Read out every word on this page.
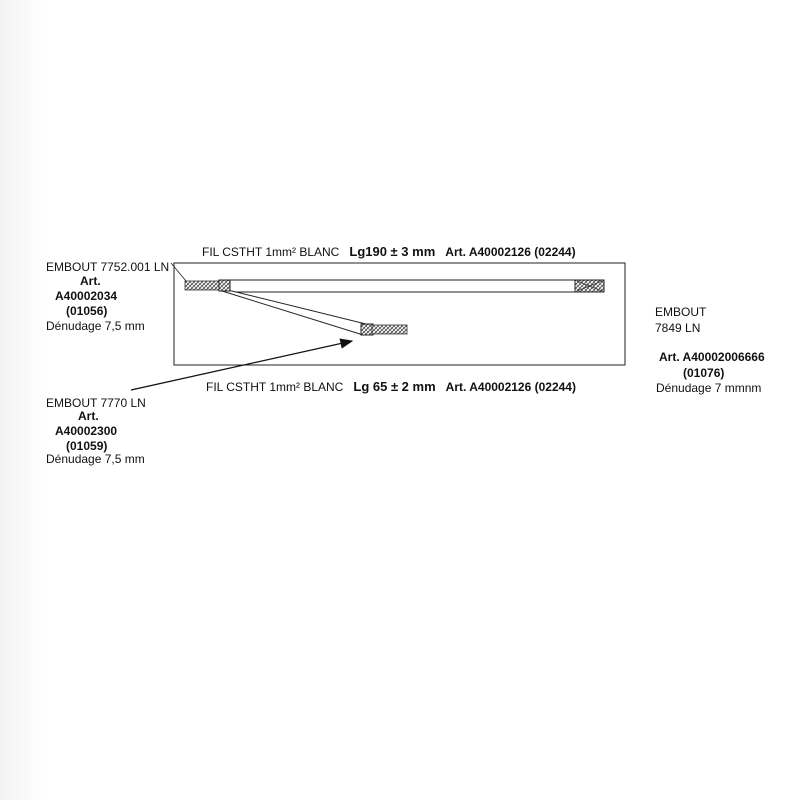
FIL CSTHT 1mm² BLANC Lg190 ± 3 mm Art. A40002126 (02244)
FIL CSTHT 1mm² BLANC Lg 65 ± 2 mm Art. A40002126 (02244)
EMBOUT 7752.001 LN
Art.
A40002034
(01056)
Dénudage 7,5 mm
EMBOUT 7770 LN
Art.
A40002300
(01059)
Dénudage 7,5 mm
EMBOUT
7849 LN
Art. A40002006666
(01076)
Dénudage 7 mmnm
